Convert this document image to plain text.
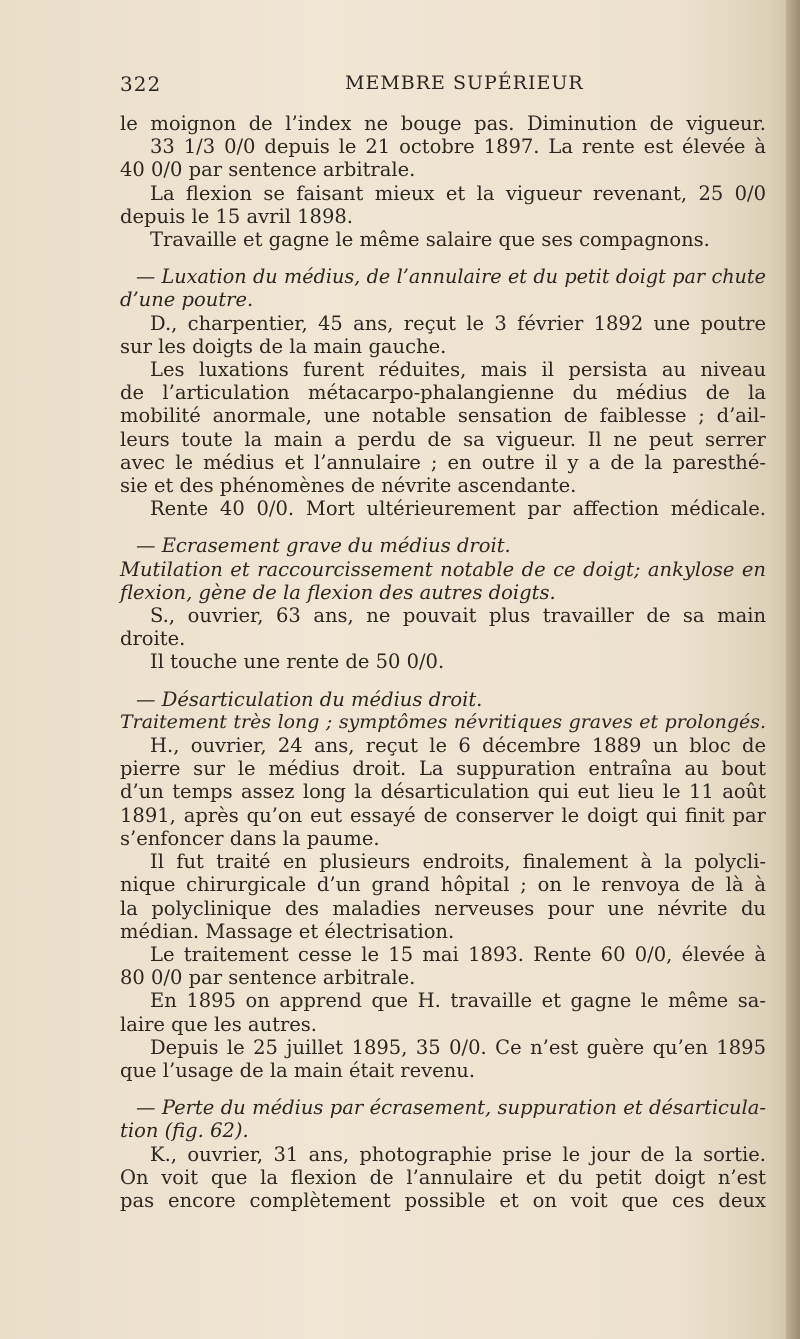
322	MEMBRE SUPÉRIEUR
le moignon de l’index ne bouge pas. Diminution de vigueur.
33 1/3 0/0 depuis le 21 octobre 1897. La rente est élevée à
40 0/0 par sentence arbitrale.
La flexion se faisant mieux et la vigueur revenant, 25 0/0
depuis le 15 avril 1898.
Travaille et gagne le même salaire que ses compagnons.
— Luxation du médius, de l’annulaire et du petit doigt par chute
d’une poutre.
D., charpentier, 45 ans, reçut le 3 février 1892 une poutre
sur les doigts de la main gauche.
Les luxations furent réduites, mais il persista au niveau
de l’articulation métacarpo-phalangienne du médius de la
mobilité anormale, une notable sensation de faiblesse ; d’ail-
leurs toute la main a perdu de sa vigueur. Il ne peut serrer
avec le médius et l’annulaire ; en outre il y a de la paresthé-
sie et des phénomènes de névrite ascendante.
Rente 40 0/0. Mort ultérieurement par affection médicale.
— Ecrasement grave du médius droit.
Mutilation et raccourcissement notable de ce doigt; ankylose en
flexion, gène de la flexion des autres doigts.
S., ouvrier, 63 ans, ne pouvait plus travailler de sa main
droite.
Il touche une rente de 50 0/0.
— Désarticulation du médius droit.
Traitement très long ; symptômes névritiques graves et prolongés.
H., ouvrier, 24 ans, reçut le 6 décembre 1889 un bloc de
pierre sur le médius droit. La suppuration entraîna au bout
d’un temps assez long la désarticulation qui eut lieu le 11 août
1891, après qu’on eut essayé de conserver le doigt qui finit par
s’enfoncer dans la paume.
Il fut traité en plusieurs endroits, finalement à la polycli-
nique chirurgicale d’un grand hôpital ; on le renvoya de là à
la polyclinique des maladies nerveuses pour une névrite du
médian. Massage et électrisation.
Le traitement cesse le 15 mai 1893. Rente 60 0/0, élevée à
80 0/0 par sentence arbitrale.
En 1895 on apprend que H. travaille et gagne le même sa-
laire que les autres.
Depuis le 25 juillet 1895, 35 0/0. Ce n’est guère qu’en 1895
que l’usage de la main était revenu.
— Perte du médius par écrasement, suppuration et désarticula-
tion (fig. 62).
K., ouvrier, 31 ans, photographie prise le jour de la sortie.
On voit que la flexion de l’annulaire et du petit doigt n’est
pas encore complètement possible et on voit que ces deux
